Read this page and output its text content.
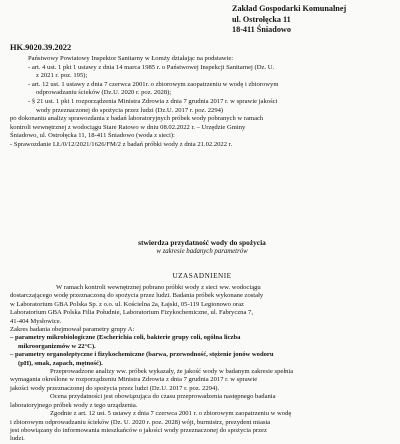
Zakład Gospodarki Komunalnej
ul. Ostrołęcka 11
18-411 Śniadowo
HK.9020.39.2022

Państwowy Powiatowy Inspektor Sanitarny w Łomży działając na podstawie:

- art. 4 ust. 1 pkt 1 ustawy z dnia 14 marca 1985 r. o Państwowej Inspekcji Sanitarnej (Dz. U.

z 2021 r. poz. 195);

- art. 12 ust. 1 ustawy z dnia 7 czerwca 2001r. o zbiorowym zaopatrzeniu w wodę i zbiorowym

odprowadzaniu ścieków (Dz.U. 2020 r. poz. 2028);

- § 21 ust. 1 pkt 1 rozporządzenia Ministra Zdrowia z dnia 7 grudnia 2017 r. w sprawie jakości

wody przeznaczonej do spożycia przez ludzi (Dz.U. 2017 r. poz. 2294)

po dokonaniu analizy sprawozdania z badań laboratoryjnych próbek wody pobranych w ramach

kontroli wewnętrznej z wodociągu Stare Ratowo w dniu 08.02.2022 r. – Urzędzie Gminy

Śniadowo, ul. Ostrołęcka 11, 18-411 Śniadowo (woda z sieci):

- Sprawozdanie LŁ/0/12/2021/1626/FM/2 z badań próbki wody z dnia 21.02.2022 r.

stwierdza przydatność wody do spożycia
w zakresie badanych parametrów
UZASADNIENIE

W ramach kontroli wewnętrznej pobrano próbki wody z sieci ww. wodociągu

dostarczającego wodę przeznaczoną do spożycia przez ludzi. Badania próbek wykonane zostały

w Laboratorium GBA Polska Sp. z o.o. ul. Kościelna 2a, Łajski, 05-119 Legionowo oraz

Laboratorium GBA Polska Filia Południe, Laboratorium Fizykochemiczne, ul. Fabryczna 7,

41-404 Mysłowice.

Zakres badania obejmował parametry grupy A:

– parametry mikrobiologiczne (Escherichia coli, bakterie grupy coli, ogólna liczba

mikroorganizmów w 22°C).

– parametry organoleptyczne i fizykochemiczne (barwa, przewodność, stężenie jonów wodoru

(pH), smak, zapach, mętność).

Przeprowadzone analizy ww. próbek wykazały, że jakość wody w badanym zakresie spełnia

wymagania określone w rozporządzeniu Ministra Zdrowia z dnia 7 grudnia 2017 r. w sprawie

jakości wody przeznaczonej do spożycia przez ludzi (Dz.U. 2017 r. poz. 2294).

Ocena przydatności jest obowiązująca do czasu przeprowadzenia następnego badania

laboratoryjnego próbek wody z tego urządzenia.

Zgodnie z art. 12 ust. 5 ustawy z dnia 7 czerwca 2001 r. o zbiorowym zaopatrzeniu w wodę

i zbiorowym odprowadzaniu ścieków (Dz. U. 2020 r. poz. 2028) wójt, burmistrz, prezydent miasta

jest obowiązany do informowania mieszkańców o jakości wody przeznaczonej do spożycia przez

ludzi.
